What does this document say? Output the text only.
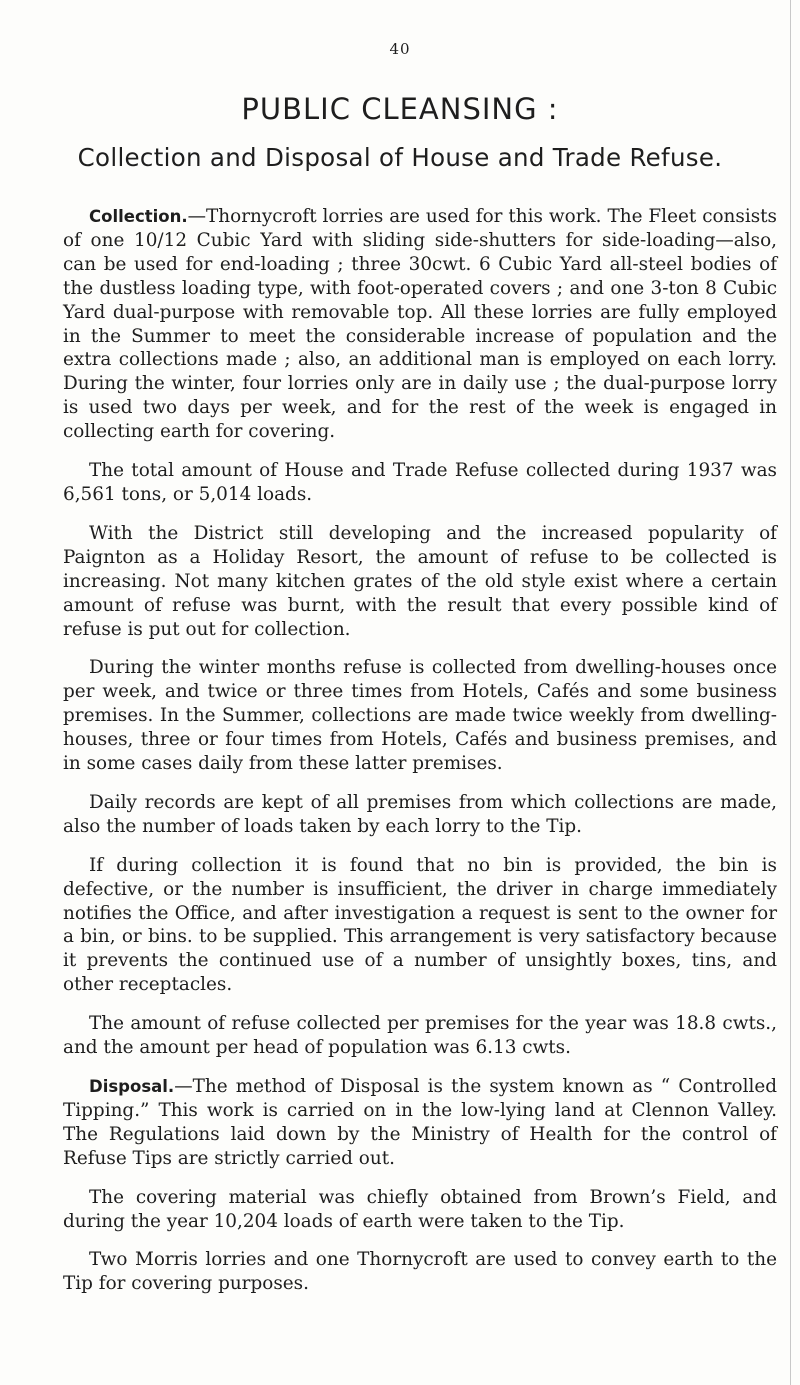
40
PUBLIC CLEANSING :
Collection and Disposal of House and Trade Refuse.

Collection.—Thornycroft lorries are used for this work. The Fleet consists of one 10/12 Cubic Yard with sliding side-shutters for side-loading—also, can be used for end-loading ; three 30cwt. 6 Cubic Yard all-steel bodies of the dustless loading type, with foot-operated covers ; and one 3-ton 8 Cubic Yard dual-purpose with removable top. All these lorries are fully employed in the Summer to meet the considerable increase of population and the extra collections made ; also, an additional man is employed on each lorry. During the winter, four lorries only are in daily use ; the dual-purpose lorry is used two days per week, and for the rest of the week is engaged in collecting earth for covering.

The total amount of House and Trade Refuse collected during 1937 was 6,561 tons, or 5,014 loads.

With the District still developing and the increased popularity of Paignton as a Holiday Resort, the amount of refuse to be collected is increasing. Not many kitchen grates of the old style exist where a certain amount of refuse was burnt, with the result that every possible kind of refuse is put out for collection.

During the winter months refuse is collected from dwelling-houses once per week, and twice or three times from Hotels, Cafés and some business premises. In the Summer, collections are made twice weekly from dwelling-houses, three or four times from Hotels, Cafés and business premises, and in some cases daily from these latter premises.

Daily records are kept of all premises from which collections are made, also the number of loads taken by each lorry to the Tip.

If during collection it is found that no bin is provided, the bin is defective, or the number is insufficient, the driver in charge immediately notifies the Office, and after investigation a request is sent to the owner for a bin, or bins. to be supplied. This arrangement is very satisfactory because it prevents the continued use of a number of unsightly boxes, tins, and other receptacles.

The amount of refuse collected per premises for the year was 18.8 cwts., and the amount per head of population was 6.13 cwts.

Disposal.—The method of Disposal is the system known as “ Controlled Tipping.” This work is carried on in the low-lying land at Clennon Valley. The Regulations laid down by the Ministry of Health for the control of Refuse Tips are strictly carried out.

The covering material was chiefly obtained from Brown’s Field, and during the year 10,204 loads of earth were taken to the Tip.

Two Morris lorries and one Thornycroft are used to convey earth to the Tip for covering purposes.
